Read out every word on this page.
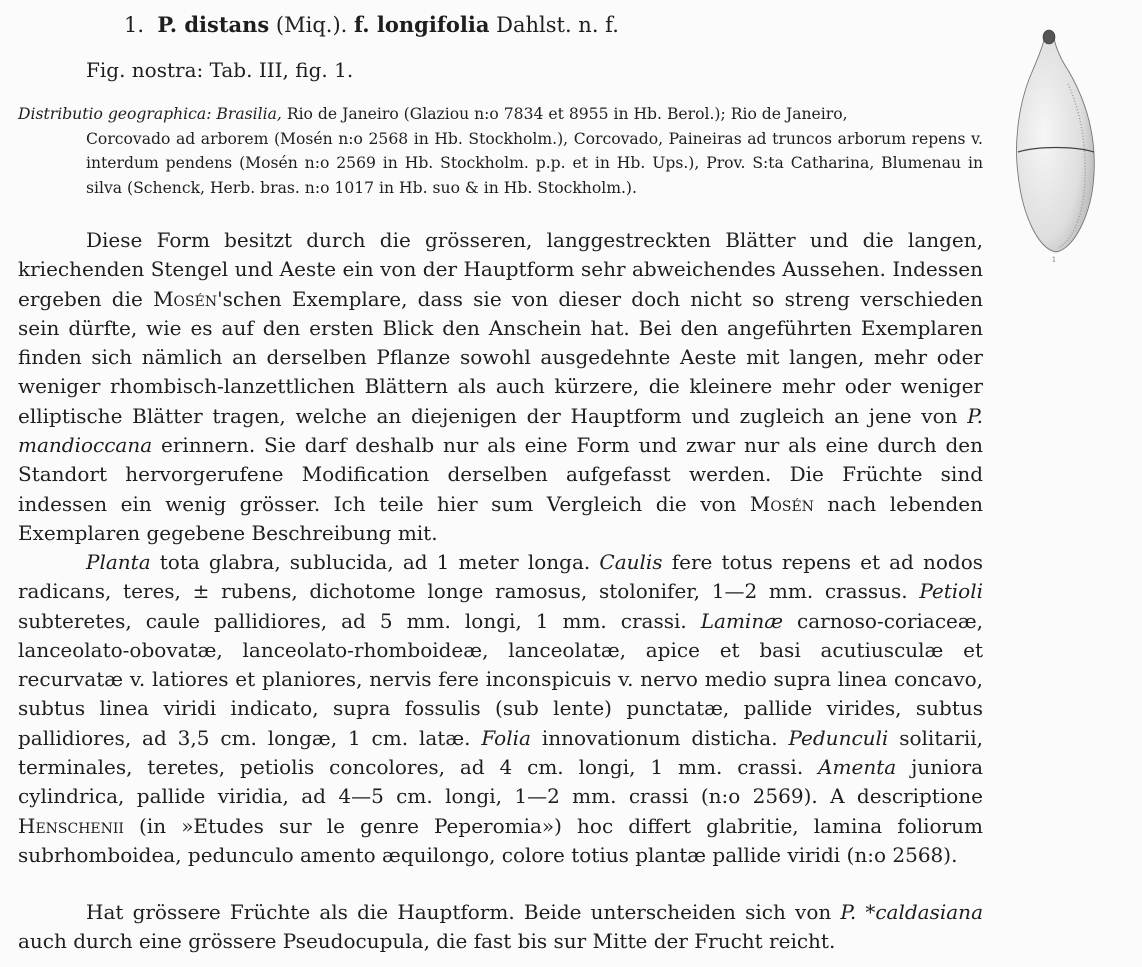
1. P. distans (Miq.). f. longifolia Dahlst. n. f.
Fig. nostra: Tab. III, fig. 1.
Distributio geographica: Brasilia, Rio de Janeiro (Glaziou n:o 7834 et 8955 in Hb. Berol.); Rio de Janeiro,
Corcovado ad arborem (Mosén n:o 2568 in Hb. Stockholm.), Corcovado, Paineiras ad truncos arborum repens v. interdum pendens (Mosén n:o 2569 in Hb. Stockholm. p.p. et in Hb. Ups.), Prov. S:ta Catharina, Blumenau in silva (Schenck, Herb. bras. n:o 1017 in Hb. suo & in Hb. Stockholm.).
Diese Form besitzt durch die grösseren, langgestreckten Blätter und die langen, kriechenden Stengel und Aeste ein von der Hauptform sehr abweichendes Aussehen. Indessen ergeben die Mosén'schen Exemplare, dass sie von dieser doch nicht so streng verschieden sein dürfte, wie es auf den ersten Blick den Anschein hat. Bei den angeführten Exemplaren finden sich nämlich an derselben Pflanze sowohl ausgedehnte Aeste mit langen, mehr oder weniger rhombisch-lanzettlichen Blättern als auch kürzere, die kleinere mehr oder weniger elliptische Blätter tragen, welche an diejenigen der Hauptform und zugleich an jene von P. mandioccana erinnern. Sie darf deshalb nur als eine Form und zwar nur als eine durch den Standort hervorgerufene Modification derselben aufgefasst werden. Die Früchte sind indessen ein wenig grösser. Ich teile hier sum Vergleich die von Mosén nach lebenden Exemplaren gegebene Beschreibung mit.
Planta tota glabra, sublucida, ad 1 meter longa. Caulis fere totus repens et ad nodos radicans, teres, ± rubens, dichotome longe ramosus, stolonifer, 1—2 mm. crassus. Petioli subteretes, caule pallidiores, ad 5 mm. longi, 1 mm. crassi. Laminæ carnoso-coriaceæ, lanceolato-obovatæ, lanceolato-rhomboideæ, lanceolatæ, apice et basi acutiusculæ et recurvatæ v. latiores et planiores, nervis fere inconspicuis v. nervo medio supra linea concavo, subtus linea viridi indicato, supra fossulis (sub lente) punctatæ, pallide virides, subtus pallidiores, ad 3,5 cm. longæ, 1 cm. latæ. Folia innovationum disticha. Pedunculi solitarii, terminales, teretes, petiolis concolores, ad 4 cm. longi, 1 mm. crassi. Amenta juniora cylindrica, pallide viridia, ad 4—5 cm. longi, 1—2 mm. crassi (n:o 2569). A descriptione Henschenii (in »Etudes sur le genre Peperomia») hoc differt glabritie, lamina foliorum subrhomboidea, pedunculo amento æquilongo, colore totius plantæ pallide viridi (n:o 2568).
Hat grössere Früchte als die Hauptform. Beide unterscheiden sich von P. *caldasiana auch durch eine grössere Pseudocupula, die fast bis sur Mitte der Frucht reicht.
1
